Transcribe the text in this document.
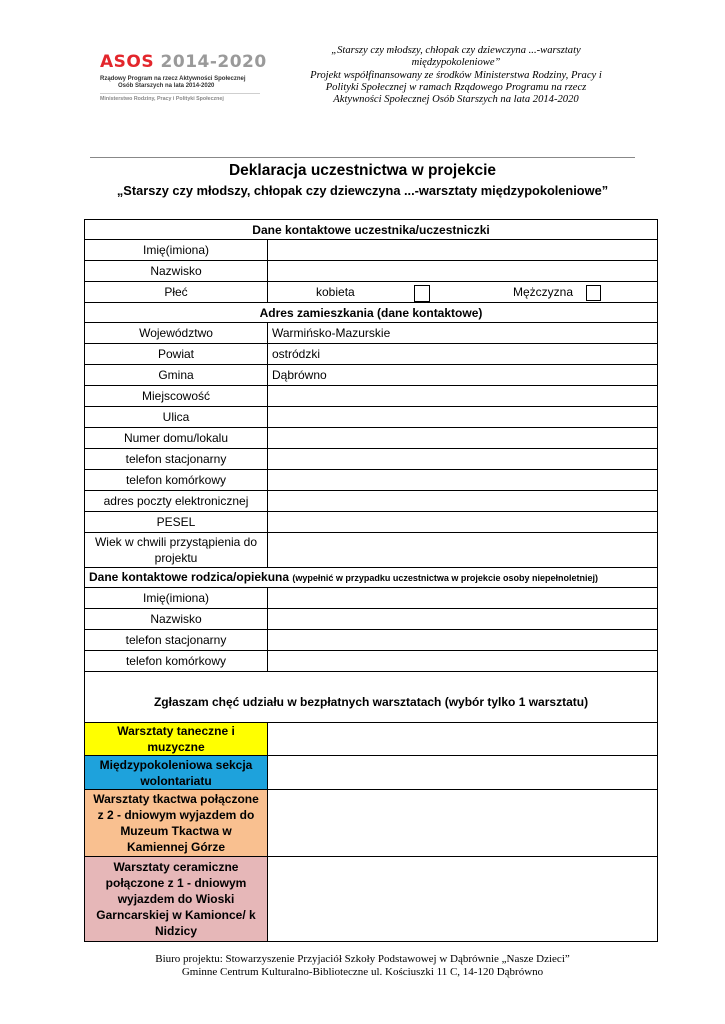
ASOS 2014-2020
Rządowy Program na rzecz Aktywności Społecznej
Osób Starszych na lata 2014-2020
Ministerstwo Rodziny, Pracy i Polityki Społecznej
„Starszy czy młodszy, chłopak czy dziewczyna ...-warsztaty
międzypokoleniowe”
Projekt współfinansowany ze środków Ministerstwa Rodziny, Pracy i
Polityki Społecznej w ramach Rządowego Programu na rzecz
Aktywności Społecznej Osób Starszych na lata 2014-2020
Deklaracja uczestnictwa w projekcie
„Starszy czy młodszy, chłopak czy dziewczyna ...-warsztaty międzypokoleniowe”
Dane kontaktowe uczestnika/uczestniczki	
Imię(imiona)	
Nazwisko	
Płeć	kobieta Mężczyzna

Adres zamieszkania (dane kontaktowe)	
Województwo	Warmińsko-Mazurskie
Powiat	ostródzki
Gmina	Dąbrówno
Miejscowość	
Ulica	
Numer domu/lokalu	
telefon stacjonarny	
telefon komórkowy	
adres poczty elektronicznej	
PESEL	
Wiek w chwili przystąpienia do projektu	
Dane kontaktowe rodzica/opiekuna (wypełnić w przypadku uczestnictwa w projekcie osoby niepełnoletniej)	
Imię(imiona)	
Nazwisko	
telefon stacjonarny	
telefon komórkowy	
Zgłaszam chęć udziału w bezpłatnych warsztatach (wybór tylko 1 warsztatu)	
Warsztaty taneczne i muzyczne	
Międzypokoleniowa sekcja wolontariatu	
Warsztaty tkactwa połączone z 2 - dniowym wyjazdem do Muzeum Tkactwa w Kamiennej Górze	
Warsztaty ceramiczne połączone z 1 - dniowym wyjazdem do Wioski Garncarskiej w Kamionce/ k Nidzicy	
Biuro projektu: Stowarzyszenie Przyjaciół Szkoły Podstawowej w Dąbrównie „Nasze Dzieci”
Gminne Centrum Kulturalno-Biblioteczne ul. Kościuszki 11 C, 14-120 Dąbrówno
